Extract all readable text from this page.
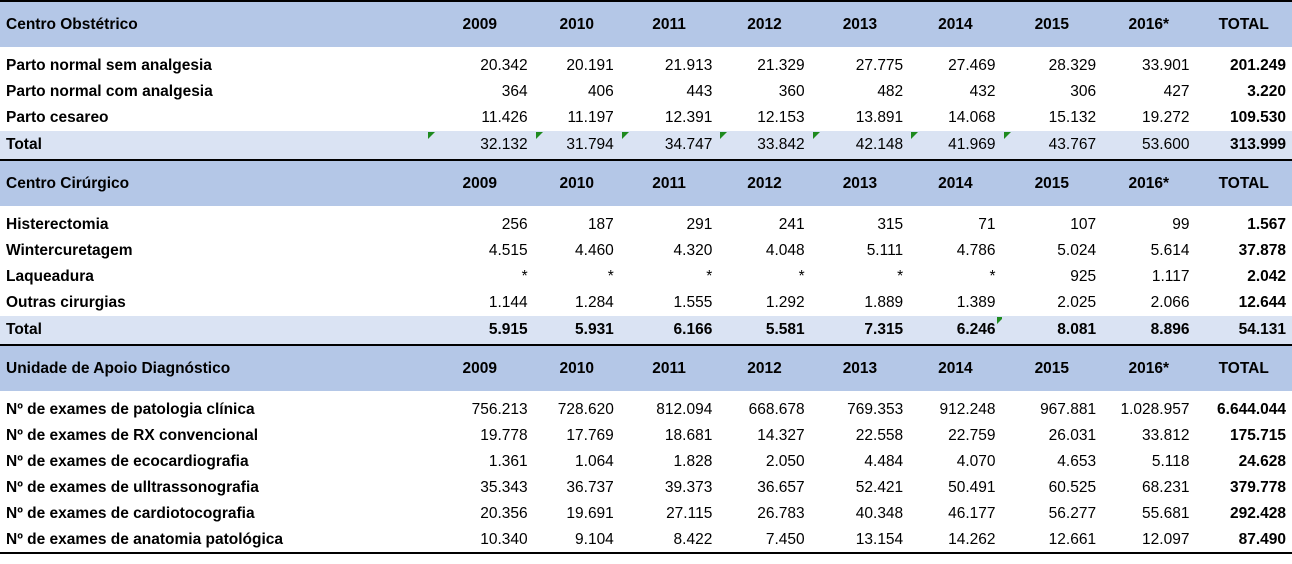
Centro Obstétrico	2009	2010	2011	2012	2013	2014	2015	2016*	TOTAL

Parto normal sem analgesia	20.342	20.191	21.913	21.329	27.775	27.469	28.329	33.901	201.249
Parto normal com analgesia	364	406	443	360	482	432	306	427	3.220
Parto cesareo	11.426	11.197	12.391	12.153	13.891	14.068	15.132	19.272	109.530
Total	32.132	31.794	34.747	33.842	42.148	41.969	43.767	53.600	313.999
Centro Cirúrgico	2009	2010	2011	2012	2013	2014	2015	2016*	TOTAL

Histerectomia	256	187	291	241	315	71	107	99	1.567
Wintercuretagem	4.515	4.460	4.320	4.048	5.111	4.786	5.024	5.614	37.878
Laqueadura	*	*	*	*	*	*	925	1.117	2.042
Outras cirurgias	1.144	1.284	1.555	1.292	1.889	1.389	2.025	2.066	12.644
Total	5.915	5.931	6.166	5.581	7.315	6.246	8.081	8.896	54.131
Unidade de Apoio Diagnóstico	2009	2010	2011	2012	2013	2014	2015	2016*	TOTAL

Nº de exames de patologia clínica	756.213	728.620	812.094	668.678	769.353	912.248	967.881	1.028.957	6.644.044
Nº de exames de RX convencional	19.778	17.769	18.681	14.327	22.558	22.759	26.031	33.812	175.715
Nº de exames de ecocardiografia	1.361	1.064	1.828	2.050	4.484	4.070	4.653	5.118	24.628
Nº de exames de ulltrassonografia	35.343	36.737	39.373	36.657	52.421	50.491	60.525	68.231	379.778
Nº de exames de cardiotocografia	20.356	19.691	27.115	26.783	40.348	46.177	56.277	55.681	292.428
Nº de exames de anatomia patológica	10.340	9.104	8.422	7.450	13.154	14.262	12.661	12.097	87.490
